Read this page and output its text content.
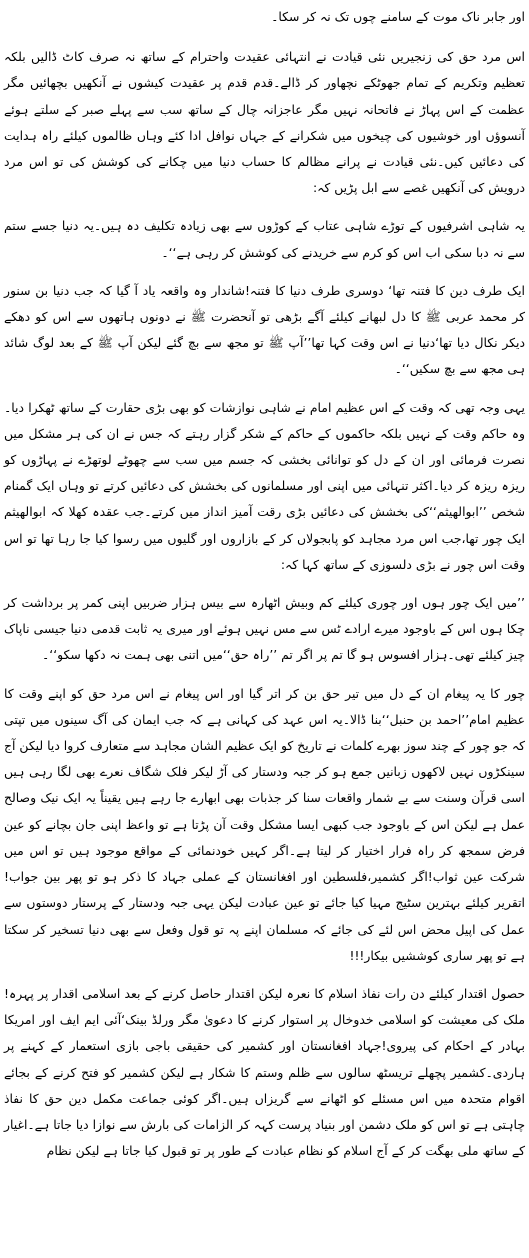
اور جابر ناک موت کے سامنے چوں تک نہ کر سکا۔

اس مرد حق کی زنجیریں نئی قیادت نے انتہائی عقیدت واحترام کے ساتھ نہ صرف کاٹ ڈالیں بلکہ تعظیم وتکریم کے تمام جھوٹکے نچھاور کر ڈالے۔قدم قدم پر عقیدت کیشوں نے آنکھیں بچھائیں مگر عظمت کے اس پہاڑ نے فاتحانہ نہیں مگر عاجزانہ چال کے ساتھ سب سے پہلے صبر کے سلتے ہوئے آنسوؤں اور خوشیوں کی چیخوں میں شکرانے کے جہاں نوافل ادا کئے وہاں ظالموں کیلئے راہ ہدایت کی دعائیں کیں۔نئی قیادت نے پرانے مظالم کا حساب دنیا میں چکانے کی کوشش کی تو اس مرد درویش کی آنکھیں غصے سے ابل پڑیں کہ:

یہ شاہی اشرفیوں کے توڑے شاہی عتاب کے کوڑوں سے بھی زیادہ تکلیف دہ ہیں۔یہ دنیا جسے ستم سے نہ دبا سکی اب اس کو کرم سے خریدنے کی کوشش کر رہی ہے‘‘۔

ایک طرف دین کا فتنہ تھا‘ دوسری طرف دنیا کا فتنہ!شاندار وہ واقعہ یاد آ گیا کہ جب دنیا بن سنور کر محمد عربی ﷺ کا دل لبھانے کیلئے آگے بڑھی تو آنحضرت ﷺ نے دونوں ہاتھوں سے اس کو دھکے دیکر نکال دیا تھا‘دنیا نے اس وقت کہا تھا’’آپ ﷺ تو مجھ سے بچ گئے لیکن آپ ﷺ کے بعد لوگ شائد ہی مجھ سے بچ سکیں‘‘۔

یہی وجہ تھی کہ وقت کے اس عظیم امام نے شاہی نوازشات کو بھی بڑی حقارت کے ساتھ ٹھکرا دیا۔وہ حاکم وقت کے نہیں بلکہ حاکموں کے حاکم کے شکر گزار رہتے کہ جس نے ان کی ہر مشکل میں نصرت فرمائی اور ان کے دل کو توانائی بخشی کہ جسم میں سب سے چھوٹے لوتھڑے نے پہاڑوں کو ریزہ ریزہ کر دیا۔اکثر تنہائی میں اپنی اور مسلمانوں کی بخشش کی دعائیں کرتے تو وہاں ایک گمنام شخص ’’ابوالھیثم‘‘کی بخشش کی دعائیں بڑی رقت آمیز انداز میں کرتے۔جب عقدہ کھلا کہ ابوالھیثم ایک چور تھا،جب اس مرد مجاہد کو پابجولاں کر کے بازاروں اور گلیوں میں رسوا کیا جا رہا تھا تو اس وقت اس چور نے بڑی دلسوزی کے ساتھ کہا کہ:

’’میں ایک چور ہوں اور چوری کیلئے کم وبیش اٹھارہ سے بیس ہزار ضربیں اپنی کمر پر برداشت کر چکا ہوں اس کے باوجود میرے ارادے ٹس سے مس نہیں ہوئے اور میری یہ ثابت قدمی دنیا جیسی ناپاک چیز کیلئے تھی۔ہزار افسوس ہو گا تم پر اگر تم ’’راہ حق‘‘میں اتنی بھی ہمت نہ دکھا سکو‘‘۔

چور کا یہ پیغام ان کے دل میں تیر حق بن کر اتر گیا اور اس پیغام نے اس مرد حق کو اپنے وقت کا عظیم امام’’احمد بن حنبل‘‘بنا ڈالا۔یہ اس عہد کی کہانی ہے کہ جب ایمان کی آگ سینوں میں تپتی کہ جو چور کے چند سوز بھرے کلمات نے تاریخ کو ایک عظیم الشان مجاہد سے متعارف کروا دیا لیکن آج سینکڑوں نہیں لاکھوں زبانیں جمع ہو کر جبہ ودستار کی آڑ لیکر فلک شگاف نعرے بھی لگا رہی ہیں اسی قرآن وسنت سے بے شمار واقعات سنا کر جذبات بھی ابھارے جا رہے ہیں یقیناً یہ ایک نیک وصالح عمل ہے لیکن اس کے باوجود جب کبھی ایسا مشکل وقت آن پڑتا ہے تو واعظ اپنی جان بچانے کو عین فرض سمجھ کر راہ فرار اختیار کر لیتا ہے۔اگر کہیں خودنمائی کے مواقع موجود ہیں تو اس میں شرکت عین ثواب!اگر کشمیر،فلسطین اور افغانستان کے عملی جہاد کا ذکر ہو تو پھر بین جواب!اتقریر کیلئے بہترین سٹیج مہیا کیا جائے تو عین عبادت لیکن یہی جبہ ودستار کے پرستار دوستوں سے عمل کی اپیل محض اس لئے کی جائے کہ مسلمان اپنے پہ تو قول وفعل سے بھی دنیا تسخیر کر سکتا ہے تو پھر ساری کوششیں بیکار!!!

حصول اقتدار کیلئے دن رات نفاذ اسلام کا نعرہ لیکن اقتدار حاصل کرنے کے بعد اسلامی اقدار پر پہرہ!ملک کی معیشت کو اسلامی خدوخال پر استوار کرنے کا دعویٰ مگر ورلڈ بینک‘آئی ایم ایف اور امریکا بہادر کے احکام کی پیروی!جہاد افغانستان اور کشمیر کی حقیقی باجی بازی استعمار کے کہنے پر ہاردی۔کشمیر پچھلے تریسٹھ سالوں سے ظلم وستم کا شکار ہے لیکن کشمیر کو فتح کرنے کے بجائے اقوام متحدہ میں اس مسئلے کو اٹھانے سے گریزاں ہیں۔اگر کوئی جماعت مکمل دین حق کا نفاذ چاہتی ہے تو اس کو ملک دشمن اور بنیاد پرست کہہ کر الزامات کی بارش سے نوازا دیا جاتا ہے۔اغیار کے ساتھ ملی بھگت کر کے آج اسلام کو نظام عبادت کے طور پر تو قبول کیا جاتا ہے لیکن نظام
